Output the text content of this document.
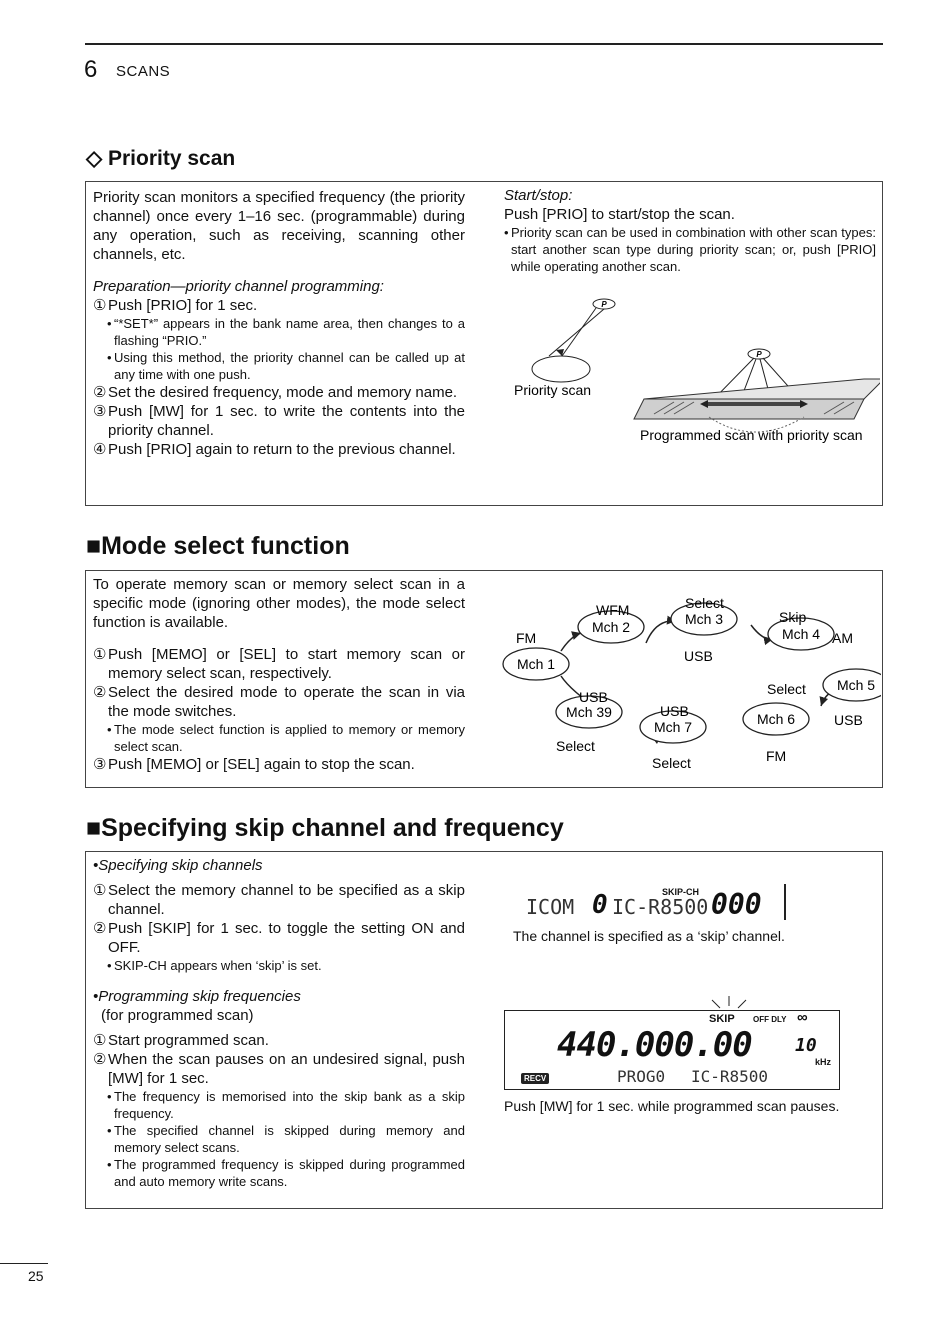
6 SCANS
◇ Priority scan

Priority scan monitors a specified frequency (the priority channel) once every 1–16 sec. (programmable) during any operation, such as receiving, scanning other channels, etc.

Preparation—priority channel programming:

① Push [PRIO] for 1 sec.
• “*SET*” appears in the bank name area, then changes to a flashing “PRIO.”
• Using this method, the priority channel can be called up at any time with one push.
② Set the desired frequency, mode and memory name.
③ Push [MW] for 1 sec. to write the contents into the priority channel.
④ Push [PRIO] again to return to the previous channel.

Start/stop:

Push [PRIO] to start/stop the scan.

• Priority scan can be used in combination with other scan types: start another scan type during priority scan; or, push [PRIO] while operating another scan.
P
Priority scan
P
Programmed scan with priority scan
■Mode select function

To operate memory scan or memory select scan in a specific mode (ignoring other modes), the mode select function is available.

① Push [MEMO] or [SEL] to start memory scan or memory select scan, respectively.
② Select the desired mode to operate the scan in via the mode switches.
• The mode select function is applied to memory or memory select scan.
③ Push [MEMO] or [SEL] again to stop the scan.
Mch 1
Mch 2	Mch 3
Mch 4
Mch 5
Mch 6
Mch 7
Mch 39
FM
WFM	Select
USB
Skip
AM
Select
USB
FM
USB
Select
USB
Select
■Specifying skip channel and frequency

•Specifying skip channels

① Select the memory channel to be specified as a skip channel.
② Push [SKIP] for 1 sec. to toggle the setting ON and OFF.
• SKIP-CH appears when ‘skip’ is set.

•Programming skip frequencies

(for programmed scan)

① Start programmed scan.
② When the scan pauses on an undesired signal, push [MW] for 1 sec.
• The frequency is memorised into the skip bank as a skip frequency.
• The specified channel is skipped during memory and memory select scans.
• The programmed frequency is skipped during programmed and auto memory write scans.
ICOM 0 IC-R8500
SKIP-CH 000

The channel is specified as a ‘skip’ channel.

SKIP OFF DLY ∞
440.000.00 10
kHz
RECV	PROG0 IC-R8500

Push [MW] for 1 sec. while programmed scan pauses.

25
